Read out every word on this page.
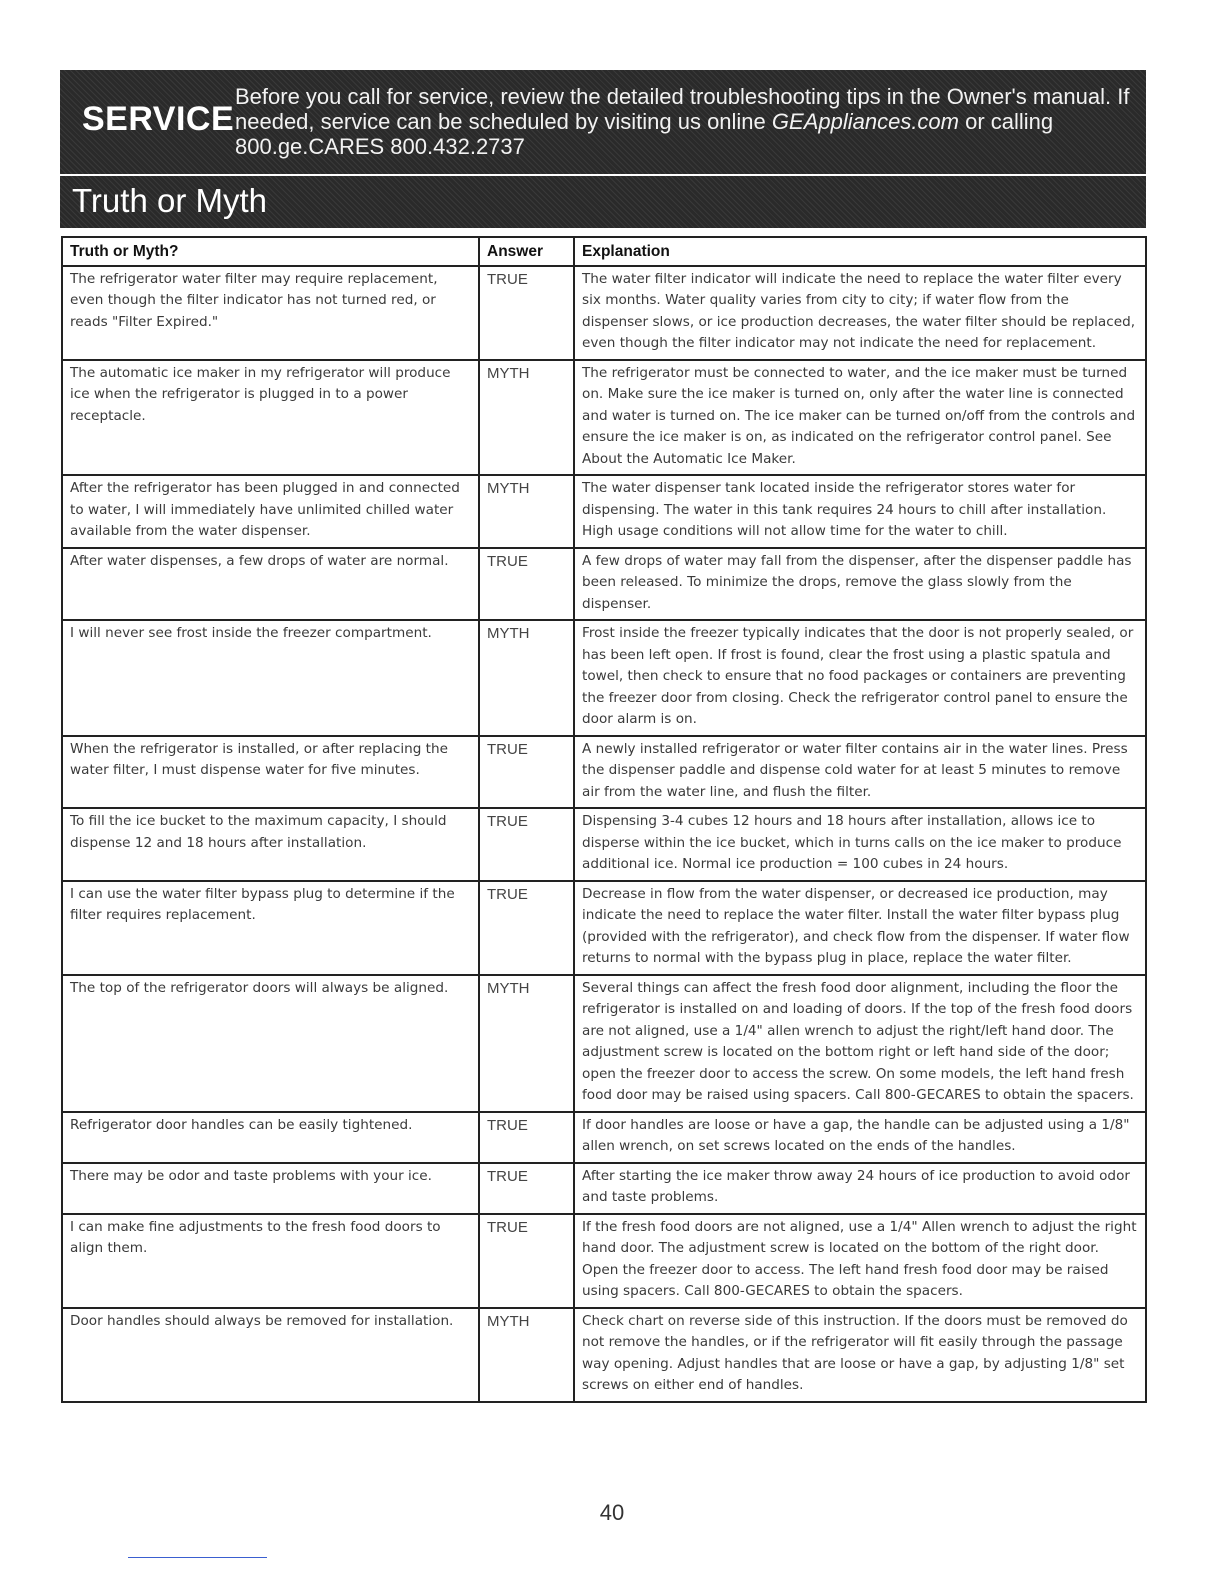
SERVICE
Before you call for service, review the detailed troubleshooting tips in the Owner's manual. If needed, service can be scheduled by visiting us online GEAppliances.com or calling 800.ge.CARES 800.432.2737
Truth or Myth
Truth or Myth?	Answer	Explanation
The refrigerator water filter may require replacement, even though the filter indicator has not turned red, or reads "Filter Expired."	TRUE	The water filter indicator will indicate the need to replace the water filter every six months. Water quality varies from city to city; if water flow from the dispenser slows, or ice production decreases, the water filter should be replaced, even though the filter indicator may not indicate the need for replacement.
The automatic ice maker in my refrigerator will produce ice when the refrigerator is plugged in to a power receptacle.	MYTH	The refrigerator must be connected to water, and the ice maker must be turned on. Make sure the ice maker is turned on, only after the water line is connected and water is turned on. The ice maker can be turned on/off from the controls and ensure the ice maker is on, as indicated on the refrigerator control panel. See About the Automatic Ice Maker.
After the refrigerator has been plugged in and connected to water, I will immediately have unlimited chilled water available from the water dispenser.	MYTH	The water dispenser tank located inside the refrigerator stores water for dispensing. The water in this tank requires 24 hours to chill after installation. High usage conditions will not allow time for the water to chill.
After water dispenses, a few drops of water are normal.	TRUE	A few drops of water may fall from the dispenser, after the dispenser paddle has been released. To minimize the drops, remove the glass slowly from the dispenser.
I will never see frost inside the freezer compartment.	MYTH	Frost inside the freezer typically indicates that the door is not properly sealed, or has been left open. If frost is found, clear the frost using a plastic spatula and towel, then check to ensure that no food packages or containers are preventing the freezer door from closing. Check the refrigerator control panel to ensure the door alarm is on.
When the refrigerator is installed, or after replacing the water filter, I must dispense water for five minutes.	TRUE	A newly installed refrigerator or water filter contains air in the water lines. Press the dispenser paddle and dispense cold water for at least 5 minutes to remove air from the water line, and flush the filter.
To fill the ice bucket to the maximum capacity, I should dispense 12 and 18 hours after installation.	TRUE	Dispensing 3-4 cubes 12 hours and 18 hours after installation, allows ice to disperse within the ice bucket, which in turns calls on the ice maker to produce additional ice. Normal ice production = 100 cubes in 24 hours.
I can use the water filter bypass plug to determine if the filter requires replacement.	TRUE	Decrease in flow from the water dispenser, or decreased ice production, may indicate the need to replace the water filter. Install the water filter bypass plug (provided with the refrigerator), and check flow from the dispenser. If water flow returns to normal with the bypass plug in place, replace the water filter.
The top of the refrigerator doors will always be aligned.	MYTH	Several things can affect the fresh food door alignment, including the floor the refrigerator is installed on and loading of doors. If the top of the fresh food doors are not aligned, use a 1/4" allen wrench to adjust the right/left hand door. The adjustment screw is located on the bottom right or left hand side of the door; open the freezer door to access the screw. On some models, the left hand fresh food door may be raised using spacers. Call 800-GECARES to obtain the spacers.
Refrigerator door handles can be easily tightened.	TRUE	If door handles are loose or have a gap, the handle can be adjusted using a 1/8" allen wrench, on set screws located on the ends of the handles.
There may be odor and taste problems with your ice.	TRUE	After starting the ice maker throw away 24 hours of ice production to avoid odor and taste problems.
I can make fine adjustments to the fresh food doors to align them.	TRUE	If the fresh food doors are not aligned, use a 1/4" Allen wrench to adjust the right hand door. The adjustment screw is located on the bottom of the right door. Open the freezer door to access. The left hand fresh food door may be raised using spacers. Call 800-GECARES to obtain the spacers.
Door handles should always be removed for installation.	MYTH	Check chart on reverse side of this instruction. If the doors must be removed do not remove the handles, or if the refrigerator will fit easily through the passage way opening. Adjust handles that are loose or have a gap, by adjusting 1/8" set screws on either end of handles.
40
